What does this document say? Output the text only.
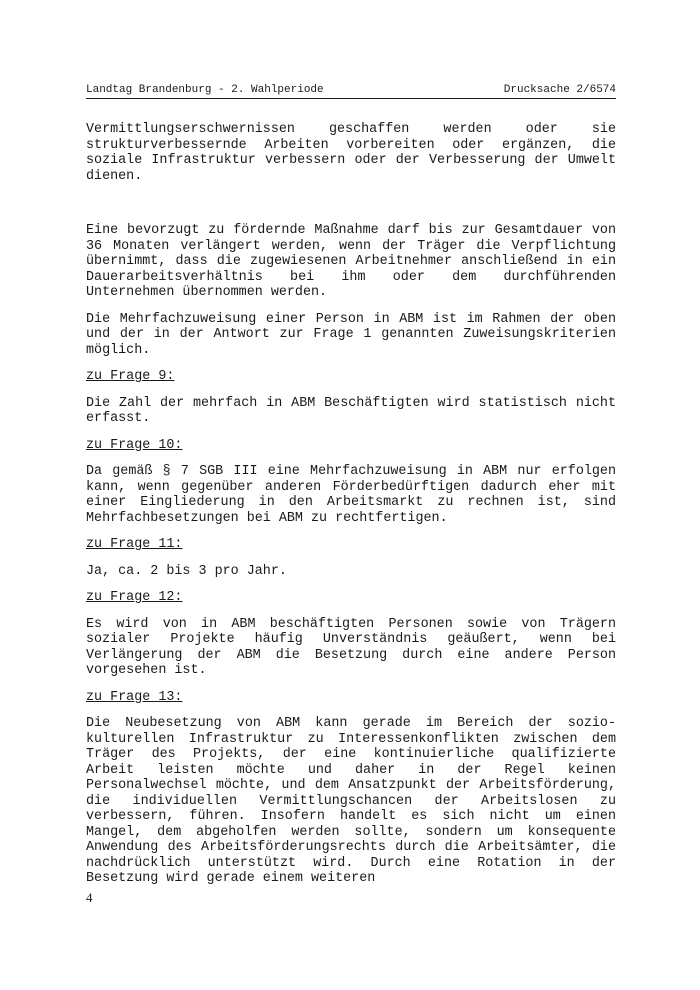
Landtag Brandenburg - 2. Wahlperiode	Drucksache 2/6574

Vermittlungserschwernissen geschaffen werden oder sie strukturverbessernde Arbeiten vorbereiten oder ergänzen, die soziale Infrastruktur verbessern oder der Verbesserung der Umwelt dienen.

Eine bevorzugt zu fördernde Maßnahme darf bis zur Gesamtdauer von 36 Monaten verlängert werden, wenn der Träger die Verpflichtung übernimmt, dass die zugewiesenen Arbeitnehmer anschließend in ein Dauerarbeitsverhältnis bei ihm oder dem durchführenden Unternehmen übernommen werden.

Die Mehrfachzuweisung einer Person in ABM ist im Rahmen der oben und der in der Antwort zur Frage 1 genannten Zuweisungskriterien möglich.

zu Frage 9:

Die Zahl der mehrfach in ABM Beschäftigten wird statistisch nicht erfasst.

zu Frage 10:

Da gemäß § 7 SGB III eine Mehrfachzuweisung in ABM nur erfolgen kann, wenn gegenüber anderen Förderbedürftigen dadurch eher mit einer Eingliederung in den Arbeitsmarkt zu rechnen ist, sind Mehrfachbesetzungen bei ABM zu rechtfertigen.

zu Frage 11:

Ja, ca. 2 bis 3 pro Jahr.

zu Frage 12:

Es wird von in ABM beschäftigten Personen sowie von Trägern sozialer Projekte häufig Unverständnis geäußert, wenn bei Verlängerung der ABM die Besetzung durch eine andere Person vorgesehen ist.

zu Frage 13:

Die Neubesetzung von ABM kann gerade im Bereich der sozio-kulturellen Infrastruktur zu Interessenkonflikten zwischen dem Träger des Projekts, der eine kontinuierliche qualifizierte Arbeit leisten möchte und daher in der Regel keinen Personalwechsel möchte, und dem Ansatzpunkt der Arbeitsförderung, die individuellen Vermittlungschancen der Arbeitslosen zu verbessern, führen. Insofern handelt es sich nicht um einen Mangel, dem abgeholfen werden sollte, sondern um konsequente Anwendung des Arbeitsförderungsrechts durch die Arbeitsämter, die nachdrücklich unterstützt wird. Durch eine Rotation in der Besetzung wird gerade einem weiteren

4
